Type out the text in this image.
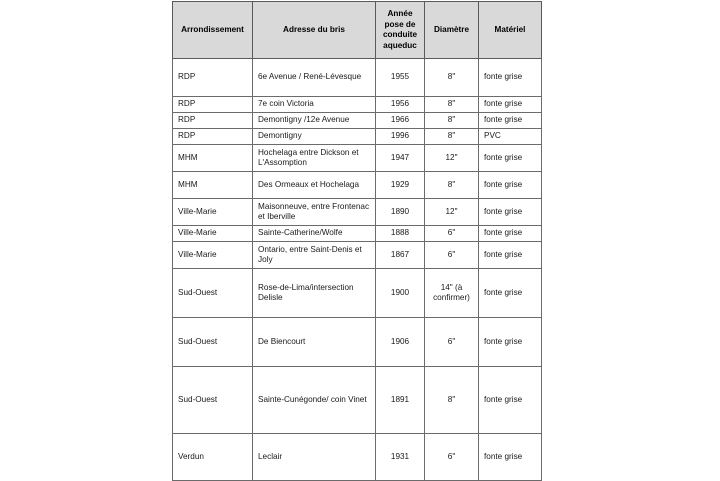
Arrondissement	Adresse du bris	Année pose de conduite aqueduc	Diamètre	Matériel
RDP	6e Avenue / René-Lévesque	1955	8"	fonte grise
RDP	7e coin Victoria	1956	8"	fonte grise
RDP	Demontigny /12e Avenue	1966	8"	fonte grise
RDP	Demontigny	1996	8"	PVC
MHM	Hochelaga entre Dickson et L'Assomption	1947	12"	fonte grise
MHM	Des Ormeaux et Hochelaga	1929	8"	fonte grise
Ville-Marie	Maisonneuve, entre Frontenac et Iberville	1890	12"	fonte grise
Ville-Marie	Sainte-Catherine/Wolfe	1888	6"	fonte grise
Ville-Marie	Ontario, entre Saint-Denis et Joly	1867	6"	fonte grise
Sud-Ouest	Rose-de-Lima/intersection Delisle	1900	14" (à confirmer)	fonte grise
Sud-Ouest	De Biencourt	1906	6"	fonte grise
Sud-Ouest	Sainte-Cunégonde/ coin Vinet	1891	8"	fonte grise
Verdun	Leclair	1931	6"	fonte grise
